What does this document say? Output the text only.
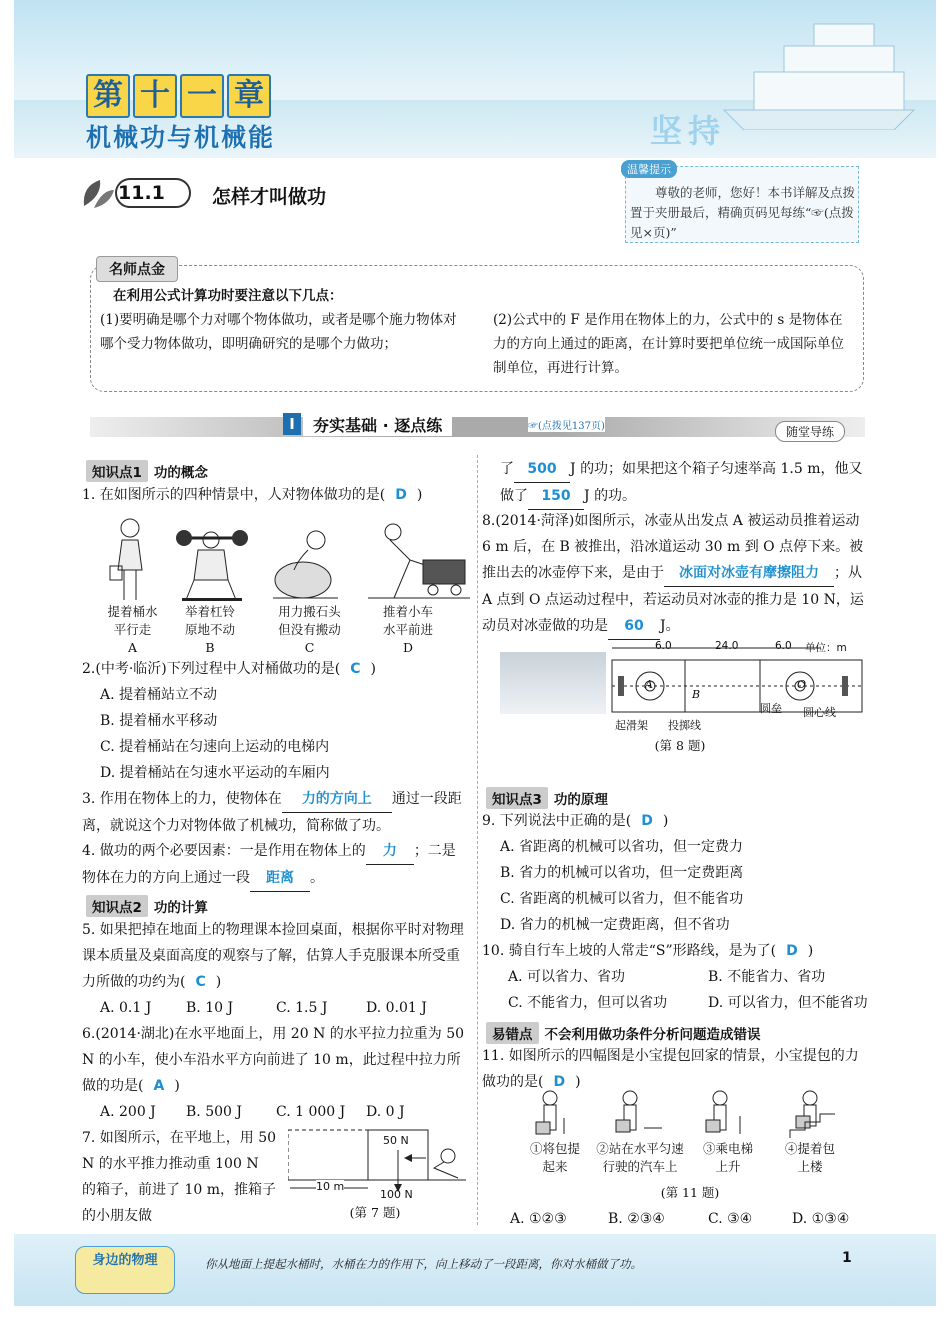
第 十 一 章
机械功与机械能	坚持
11.1 怎样才叫做功
温馨提示
尊敬的老师，您好！本书详解及点拨置于夹册最后，精确页码见每练“☞(点拨见×页)”
名师点金
在利用公式计算功时要注意以下几点：
(1)要明确是哪个力对哪个物体做功，或者是哪个施力物体对哪个受力物体做功，即明确研究的是哪个力做功；
(2)公式中的 F 是作用在物体上的力，公式中的 s 是物体在力的方向上通过的距离，在计算时要把单位统一成国际单位制单位，再进行计算。
Ⅰ	夯实基础 · 逐点练	☞(点拨见137页)	随堂导练
知识点1 功的概念
1. 在如图所示的四种情景中，人对物体做功的是( D )
提着桶水
平行走
A
举着杠铃
原地不动
B
用力搬石头
但没有搬动
C
推着小车
水平前进
D
2.(中考·临沂)下列过程中人对桶做功的是( C )
A. 提着桶站立不动
B. 提着桶水平移动
C. 提着桶站在匀速向上运动的电梯内
D. 提着桶站在匀速水平运动的车厢内
3. 作用在物体上的力，使物体在 力的方向上 通过一段距离，就说这个力对物体做了机械功，简称做了功。
4. 做功的两个必要因素：一是作用在物体上的 力 ；二是物体在力的方向上通过一段 距离 。
知识点2 功的计算
5. 如果把掉在地面上的物理课本捡回桌面，根据你平时对物理课本质量及桌面高度的观察与了解，估算人手克服课本所受重力所做的功约为( C )
A. 0.1 J B. 10 J	C. 1.5 J	D. 0.01 J
6.(2014·湖北)在水平地面上，用 20 N 的水平拉力拉重为 50 N 的小车，使小车沿水平方向前进了 10 m，此过程中拉力所做的功是( A )
A. 200 J B. 500 J C. 1 000 J D. 0 J
7. 如图所示，在平地上，用 50 N 的水平推力推动重 100 N 的箱子，前进了 10 m，推箱子的小朋友做
50 N
10 m
100 N
(第 7 题)
了 500 J 的功；如果把这个箱子匀速举高 1.5 m，他又做了 150 J 的功。
8.(2014·菏泽)如图所示，冰壶从出发点 A 被运动员推着运动 6 m 后，在 B 被推出，沿冰道运动 30 m 到 O 点停下来。被推出去的冰壶停下来，是由于 冰面对冰壶有摩擦阻力 ；从 A 点到 O 点运动过程中，若运动员对冰壶的推力是 10 N，运动员对冰壶做的功是 60 J。
6.0	24.0	6.0 单位：m
A
B
O
起滑架 投掷线
圆垒 圆心线
(第 8 题)
知识点3 功的原理
9. 下列说法中正确的是( D )
A. 省距离的机械可以省功，但一定费力
B. 省力的机械可以省功，但一定费距离
C. 省距离的机械可以省力，但不能省功
D. 省力的机械一定费距离，但不省功
10. 骑自行车上坡的人常走“S”形路线，是为了( D )
A. 可以省力、省功	B. 不能省力、省功
C. 不能省力，但可以省功	D. 可以省力，但不能省功
易错点 不会利用做功条件分析问题造成错误
11. 如图所示的四幅图是小宝提包回家的情景，小宝提包的力做功的是( D )
①将包提
起来
②站在水平匀速
行驶的汽车上
③乘电梯
上升
④提着包
上楼
(第 11 题)
A. ①②③	B. ②③④	C. ③④	D. ①③④
身边的物理	你从地面上提起水桶时，水桶在力的作用下，向上移动了一段距离，你对水桶做了功。	1
